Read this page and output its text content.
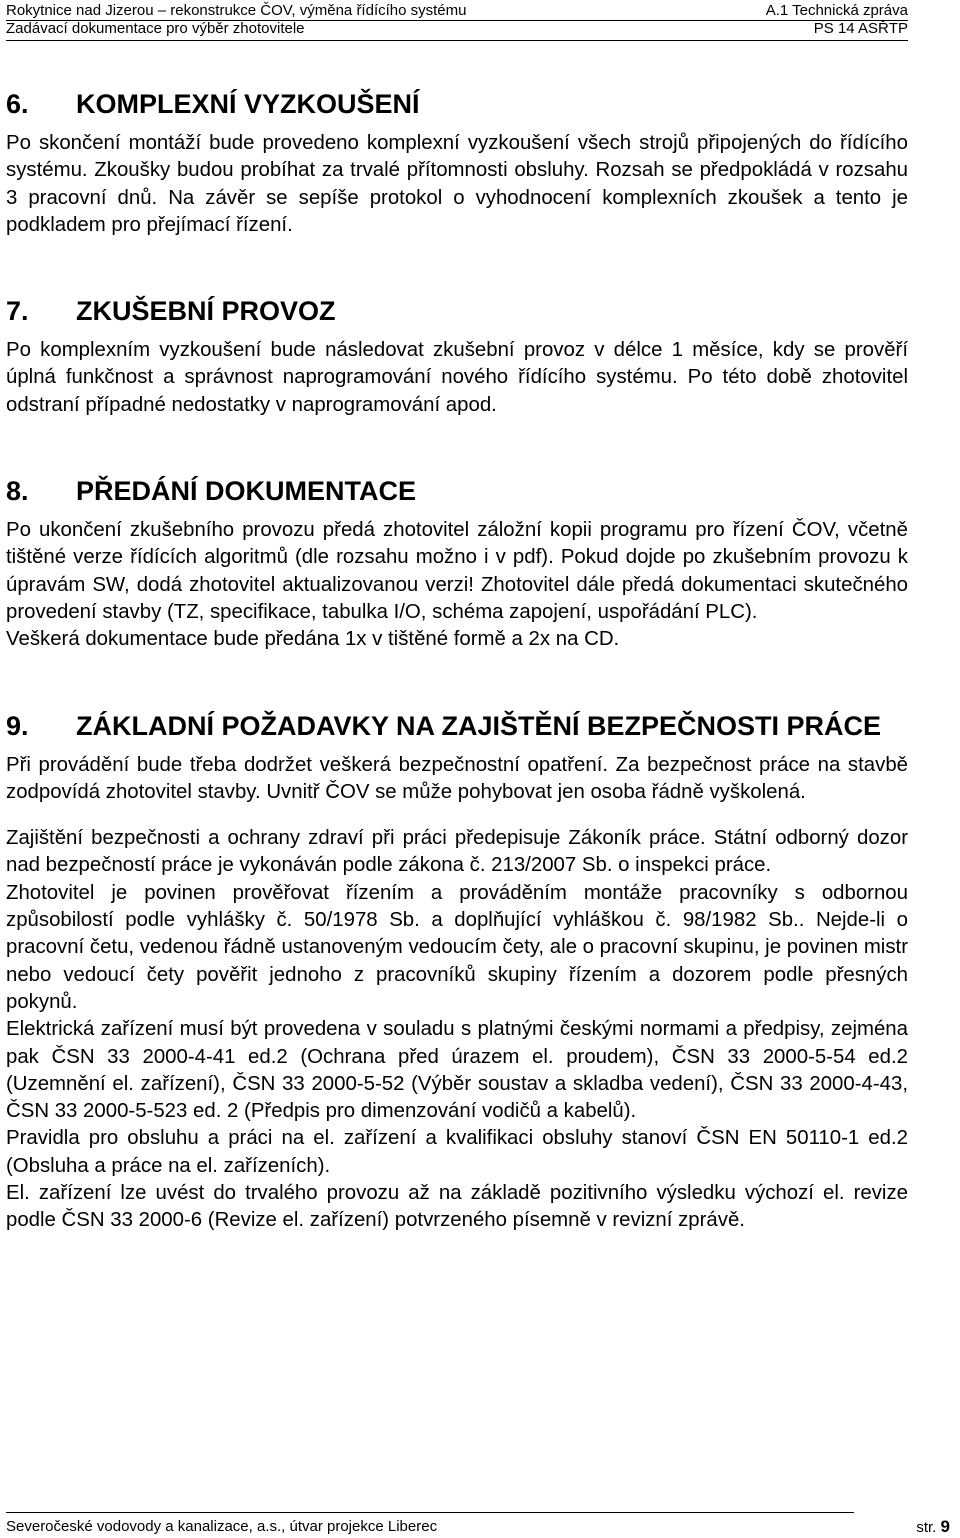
Rokytnice nad Jizerou – rekonstrukce ČOV, výměna řídícího systému	A.1 Technická zpráva
Zadávací dokumentace pro výběr zhotovitele	PS 14 ASŘTP
6.	KOMPLEXNÍ VYZKOUŠENÍ

Po skončení montáží bude provedeno komplexní vyzkoušení všech strojů připojených do řídícího systému. Zkoušky budou probíhat za trvalé přítomnosti obsluhy. Rozsah se předpokládá v rozsahu 3 pracovní dnů. Na závěr se sepíše protokol o vyhodnocení komplexních zkoušek a tento je podkladem pro přejímací řízení.

7.	ZKUŠEBNÍ PROVOZ

Po komplexním vyzkoušení bude následovat zkušební provoz v délce 1 měsíce, kdy se prověří úplná funkčnost a správnost naprogramování nového řídícího systému. Po této době zhotovitel odstraní případné nedostatky v naprogramování apod.

8.	PŘEDÁNÍ DOKUMENTACE

Po ukončení zkušebního provozu předá zhotovitel záložní kopii programu pro řízení ČOV, včetně tištěné verze řídících algoritmů (dle rozsahu možno i v pdf). Pokud dojde po zkušebním provozu k úpravám SW, dodá zhotovitel aktualizovanou verzi! Zhotovitel dále předá dokumentaci skutečného provedení stavby (TZ, specifikace, tabulka I/O, schéma zapojení, uspořádání PLC).

Veškerá dokumentace bude předána 1x v tištěné formě a 2x na CD.

9.	ZÁKLADNÍ POŽADAVKY NA ZAJIŠTĚNÍ BEZPEČNOSTI PRÁCE

Při provádění bude třeba dodržet veškerá bezpečnostní opatření. Za bezpečnost práce na stavbě zodpovídá zhotovitel stavby. Uvnitř ČOV se může pohybovat jen osoba řádně vyškolená.

Zajištění bezpečnosti a ochrany zdraví při práci předepisuje Zákoník práce. Státní odborný dozor nad bezpečností práce je vykonáván podle zákona č. 213/2007 Sb. o inspekci práce.

Zhotovitel je povinen prověřovat řízením a prováděním montáže pracovníky s odbornou způsobilostí podle vyhlášky č. 50/1978 Sb. a doplňující vyhláškou č. 98/1982 Sb.. Nejde-li o pracovní četu, vedenou řádně ustanoveným vedoucím čety, ale o pracovní skupinu, je povinen mistr nebo vedoucí čety pověřit jednoho z pracovníků skupiny řízením a dozorem podle přesných pokynů.

Elektrická zařízení musí být provedena v souladu s platnými českými normami a předpisy, zejména pak ČSN 33 2000-4-41 ed.2 (Ochrana před úrazem el. proudem), ČSN 33 2000-5-54 ed.2 (Uzemnění el. zařízení), ČSN 33 2000-5-52 (Výběr soustav a skladba vedení), ČSN 33 2000-4-43, ČSN 33 2000-5-523 ed. 2 (Předpis pro dimenzování vodičů a kabelů).

Pravidla pro obsluhu a práci na el. zařízení a kvalifikaci obsluhy stanoví ČSN EN 50110-1 ed.2 (Obsluha a práce na el. zařízeních).

El. zařízení lze uvést do trvalého provozu až na základě pozitivního výsledku výchozí el. revize podle ČSN 33 2000-6 (Revize el. zařízení) potvrzeného písemně v revizní zprávě.

Severočeské vodovody a kanalizace, a.s., útvar projekce Liberec	str. 9
